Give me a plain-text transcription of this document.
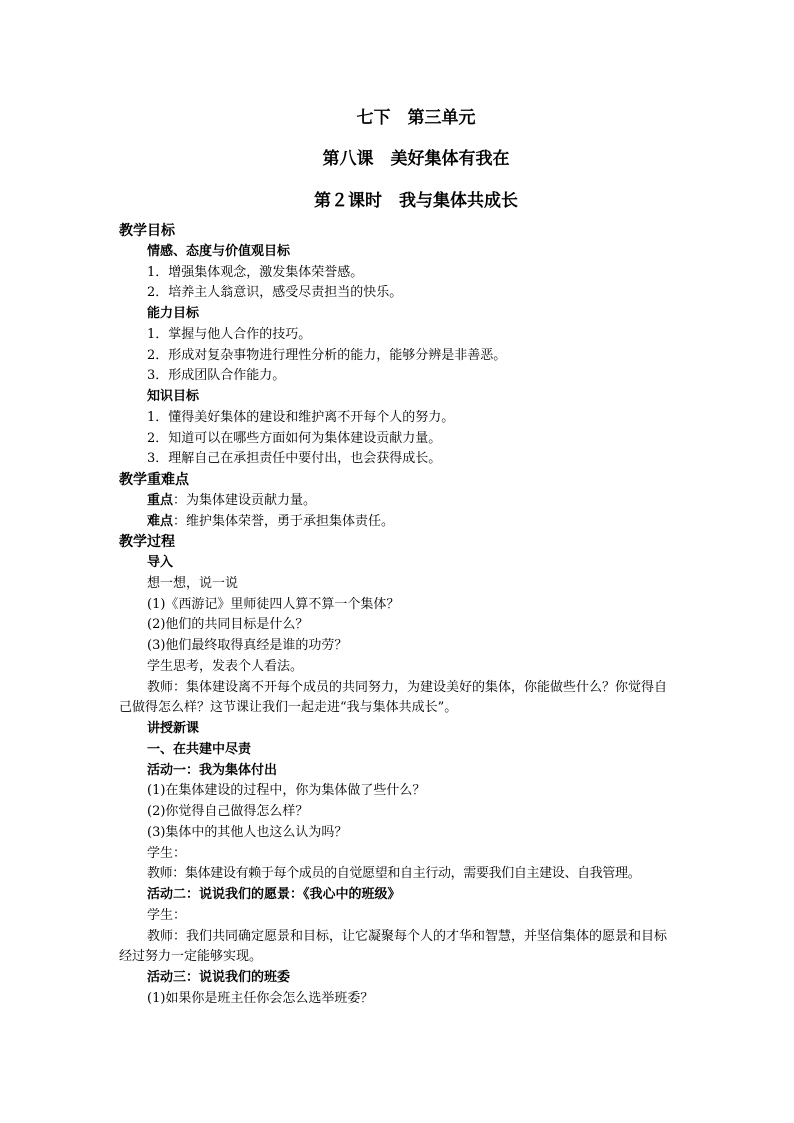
七下　第三单元
第八课　美好集体有我在
第２课时　我与集体共成长
教学目标
情感、态度与价值观目标
1．增强集体观念，激发集体荣誉感。
2．培养主人翁意识，感受尽责担当的快乐。
能力目标
1．掌握与他人合作的技巧。
2．形成对复杂事物进行理性分析的能力，能够分辨是非善恶。
3．形成团队合作能力。
知识目标
1．懂得美好集体的建设和维护离不开每个人的努力。
2．知道可以在哪些方面如何为集体建设贡献力量。
3．理解自己在承担责任中要付出，也会获得成长。
教学重难点
重点：为集体建设贡献力量。
难点：维护集体荣誉，勇于承担集体责任。
教学过程
导入
想一想，说一说
(1)《西游记》里师徒四人算不算一个集体？
(2)他们的共同目标是什么？
(3)他们最终取得真经是谁的功劳？
学生思考，发表个人看法。
教师：集体建设离不开每个成员的共同努力，为建设美好的集体，你能做些什么？你觉得自己做得怎么样？这节课让我们一起走进“我与集体共成长”。
讲授新课
一、在共建中尽责
活动一：我为集体付出
(1)在集体建设的过程中，你为集体做了些什么？
(2)你觉得自己做得怎么样？
(3)集体中的其他人也这么认为吗？
学生：
教师：集体建设有赖于每个成员的自觉愿望和自主行动，需要我们自主建设、自我管理。
活动二：说说我们的愿景：《我心中的班级》
学生：
教师：我们共同确定愿景和目标，让它凝聚每个人的才华和智慧，并坚信集体的愿景和目标经过努力一定能够实现。
活动三：说说我们的班委
(1)如果你是班主任你会怎么选举班委？
